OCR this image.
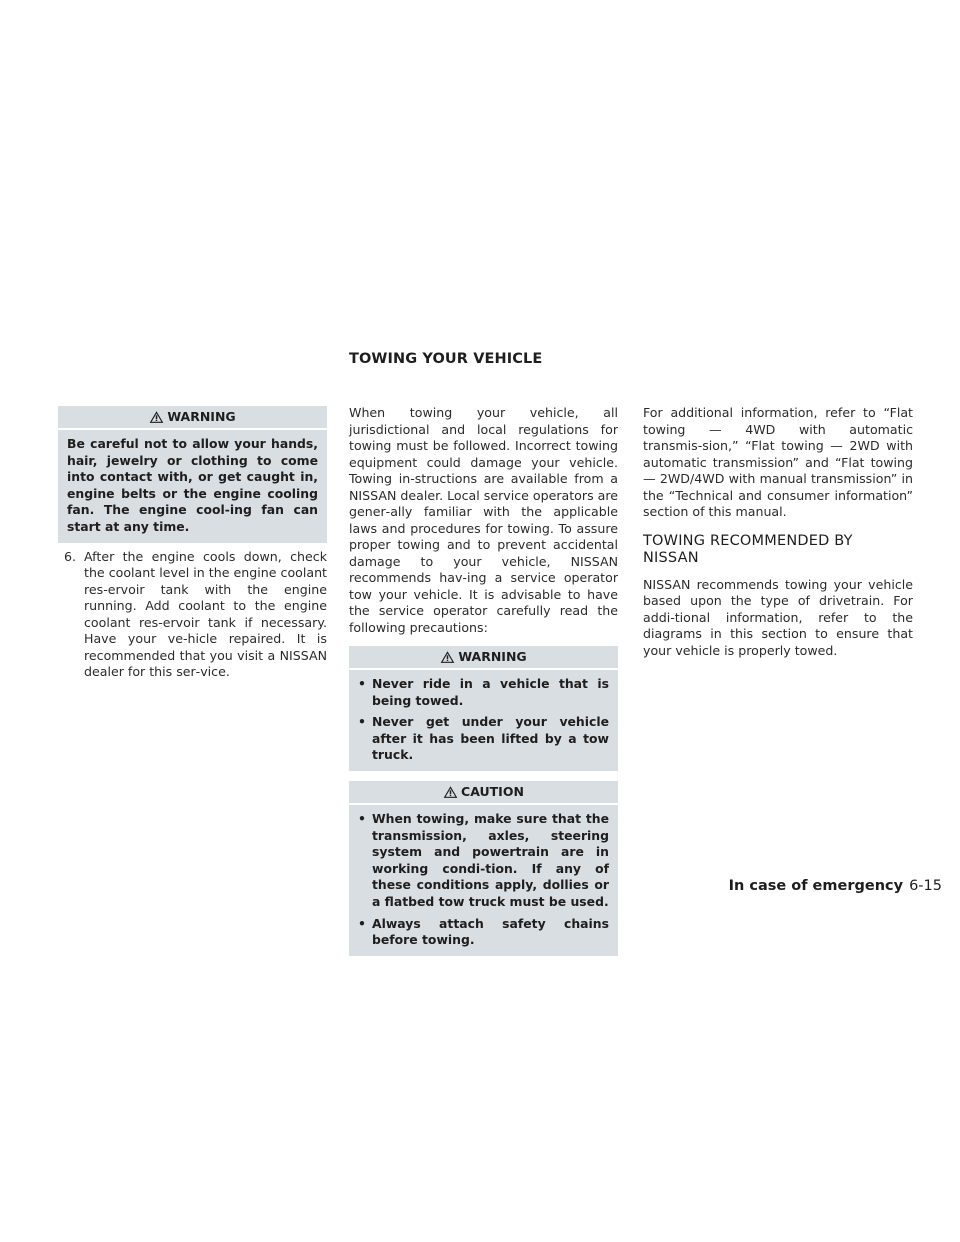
TOWING YOUR VEHICLE
WARNING
Be careful not to allow your hands, hair, jewelry or clothing to come into contact with, or get caught in, engine belts or the engine cooling fan. The engine cool‑ing fan can start at any time.
6. After the engine cools down, check the coolant level in the engine coolant res‑ervoir tank with the engine running. Add coolant to the engine coolant res‑ervoir tank if necessary. Have your ve‑hicle repaired. It is recommended that you visit a NISSAN dealer for this ser‑vice.
When towing your vehicle, all jurisdictional and local regulations for towing must be followed. Incorrect towing equipment could damage your vehicle. Towing in‑structions are available from a NISSAN dealer. Local service operators are gener‑ally familiar with the applicable laws and procedures for towing. To assure proper towing and to prevent accidental damage to your vehicle, NISSAN recommends hav‑ing a service operator tow your vehicle. It is advisable to have the service operator carefully read the following precautions:
WARNING
• Never ride in a vehicle that is being towed.
• Never get under your vehicle after it has been lifted by a tow truck.
CAUTION
• When towing, make sure that the transmission, axles, steering system and powertrain are in working condi‑tion. If any of these conditions apply, dollies or a flatbed tow truck must be used.
• Always attach safety chains before towing.
For additional information, refer to “Flat towing — 4WD with automatic transmis‑sion,” “Flat towing — 2WD with automatic transmission” and “Flat towing — 2WD/4WD with manual transmission” in the “Technical and consumer information” section of this manual.
TOWING RECOMMENDED BY NISSAN
NISSAN recommends towing your vehicle based upon the type of drivetrain. For addi‑tional information, refer to the diagrams in this section to ensure that your vehicle is properly towed.
In case of emergency 6-15
